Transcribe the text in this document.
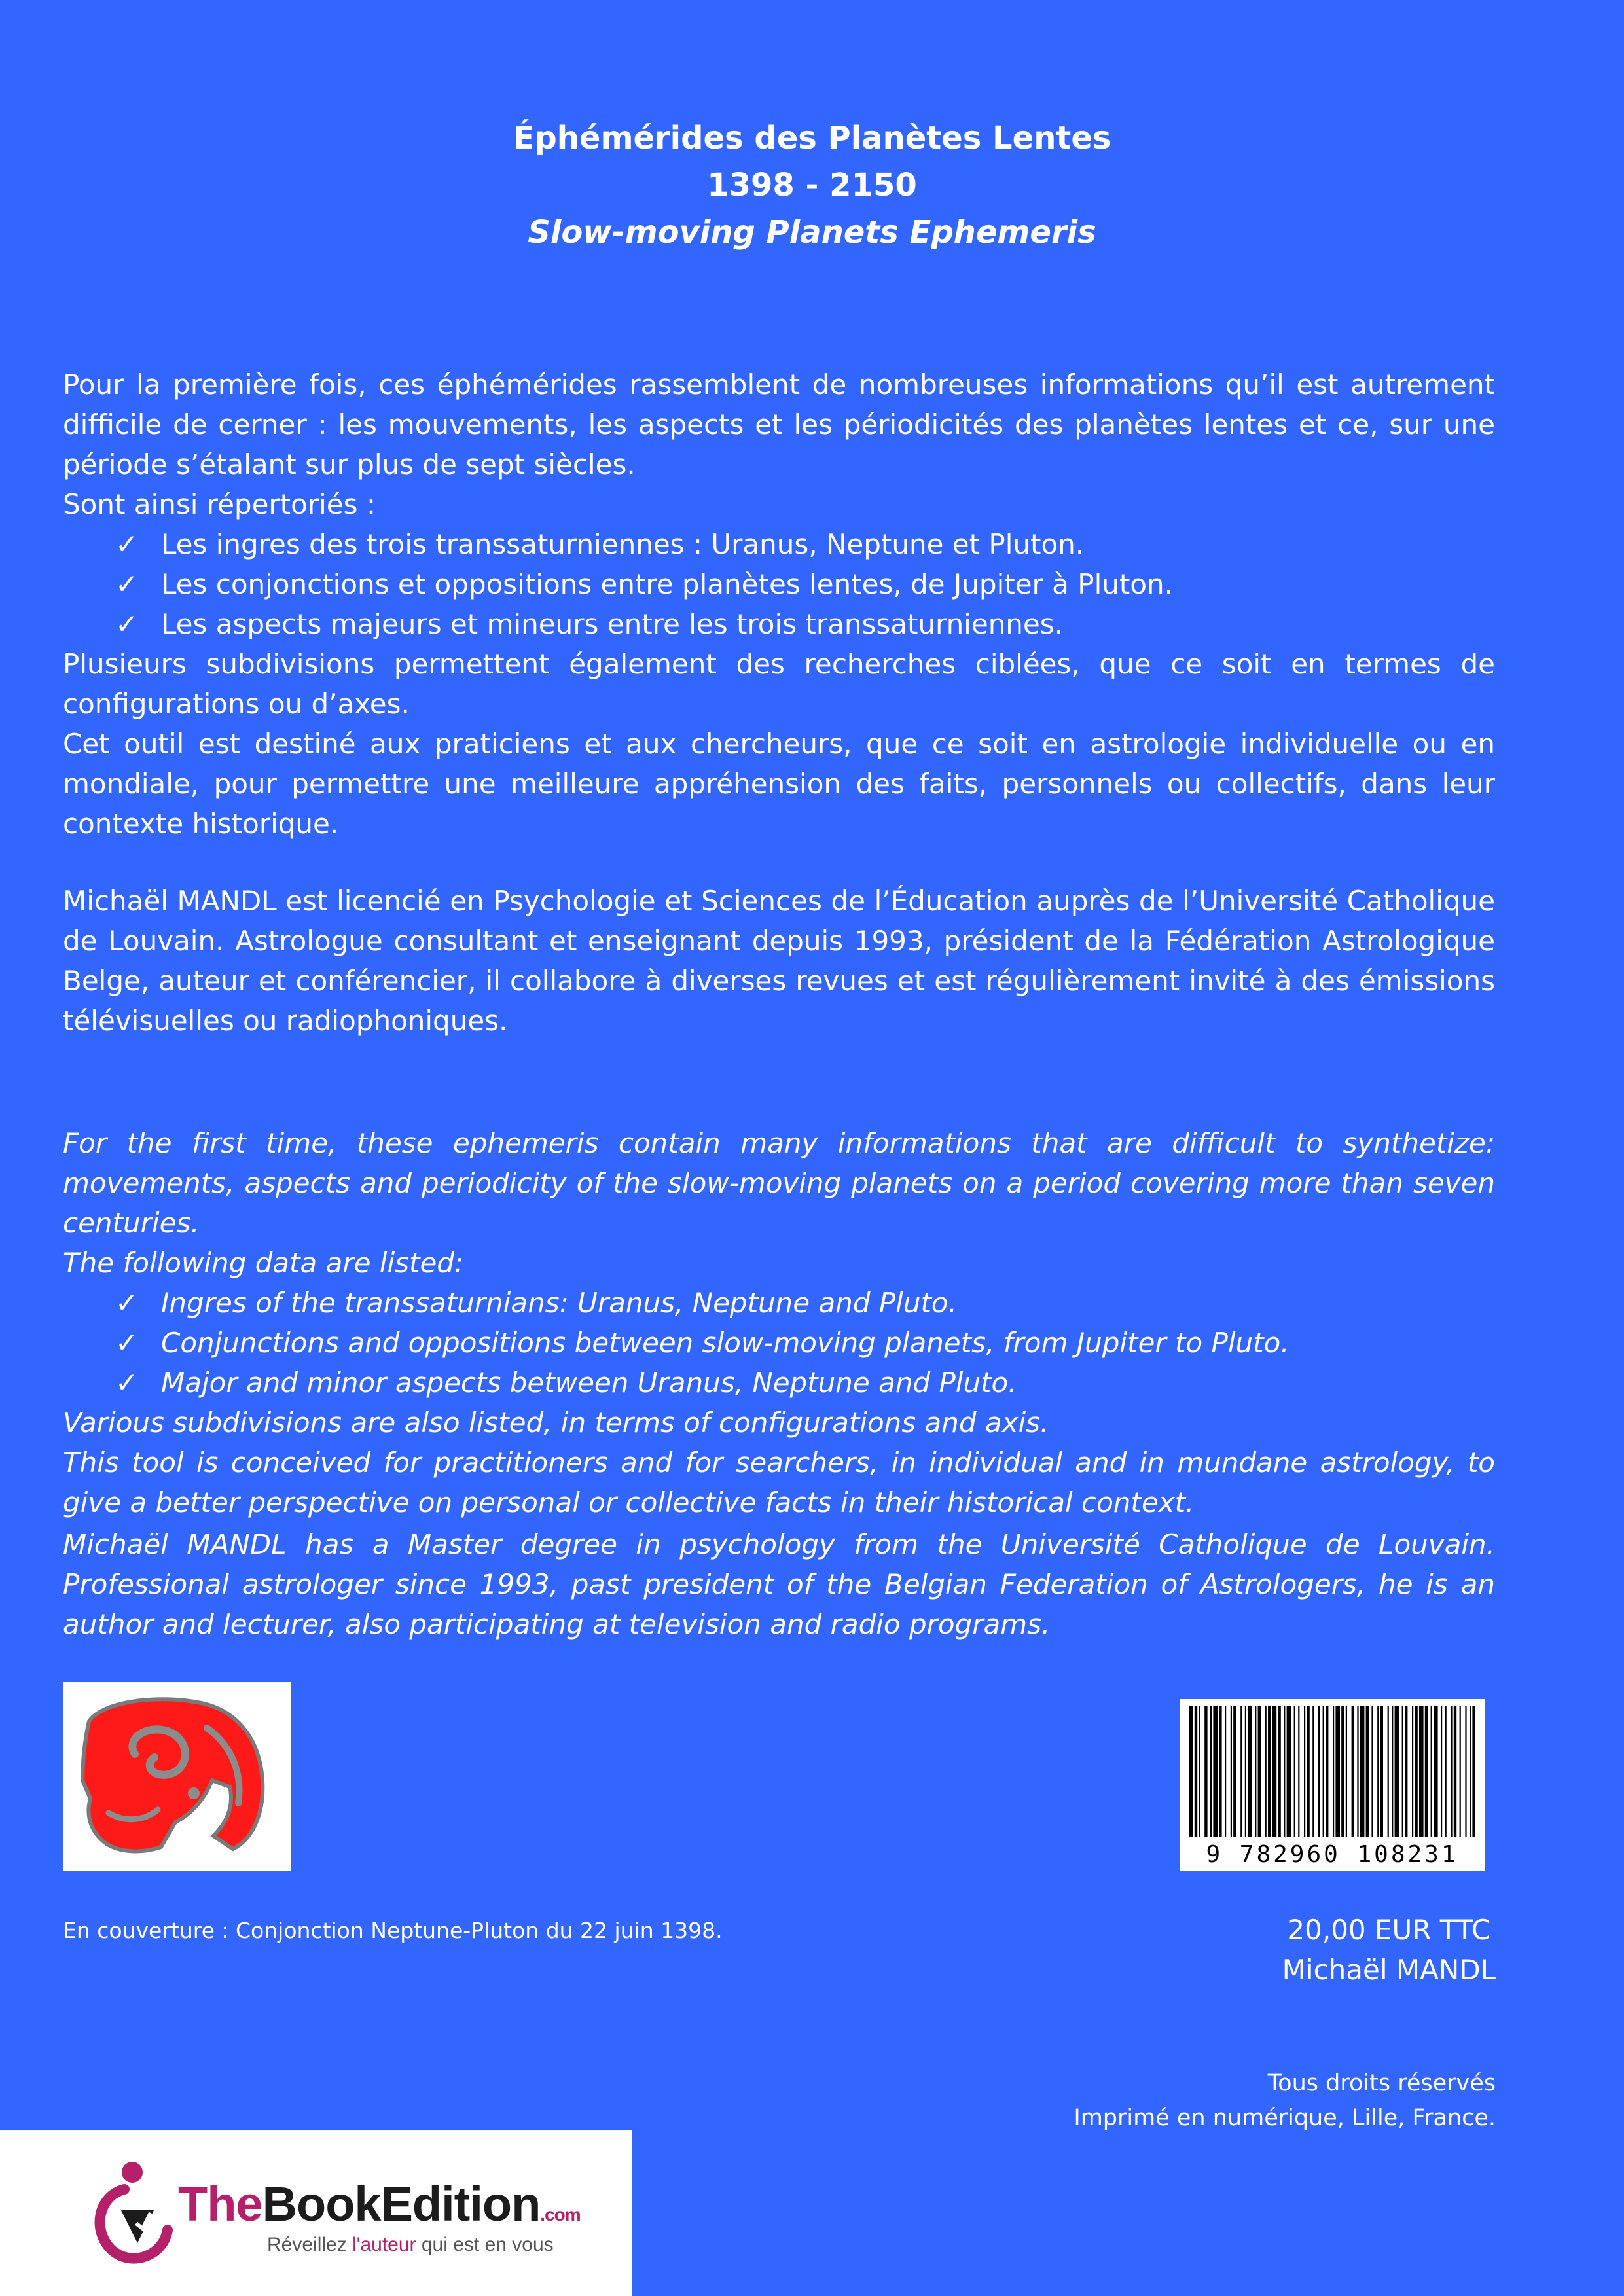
Éphémérides des Planètes Lentes
1398 - 2150
Slow-moving Planets Ephemeris

Pour la première fois, ces éphémérides rassemblent de nombreuses informations qu’il est autrement difficile de cerner : les mouvements, les aspects et les périodicités des planètes lentes et ce, sur une période s’étalant sur plus de sept siècles.

Sont ainsi répertoriés :

✓ Les ingres des trois transsaturniennes : Uranus, Neptune et Pluton.
✓ Les conjonctions et oppositions entre planètes lentes, de Jupiter à Pluton.
✓ Les aspects majeurs et mineurs entre les trois transsaturniennes.

Plusieurs subdivisions permettent également des recherches ciblées, que ce soit en termes de configurations ou d’axes.

Cet outil est destiné aux praticiens et aux chercheurs, que ce soit en astrologie individuelle ou en mondiale, pour permettre une meilleure appréhension des faits, personnels ou collectifs, dans leur contexte historique.

Michaël MANDL est licencié en Psychologie et Sciences de l’Éducation auprès de l’Université Catholique de Louvain. Astrologue consultant et enseignant depuis 1993, président de la Fédération Astrologique Belge, auteur et conférencier, il collabore à diverses revues et est régulièrement invité à des émissions télévisuelles ou radiophoniques.

For the first time, these ephemeris contain many informations that are difficult to synthetize: movements, aspects and periodicity of the slow-moving planets on a period covering more than seven centuries.

The following data are listed:

✓ Ingres of the transsaturnians: Uranus, Neptune and Pluto.
✓ Conjunctions and oppositions between slow-moving planets, from Jupiter to Pluto.
✓ Major and minor aspects between Uranus, Neptune and Pluto.

Various subdivisions are also listed, in terms of configurations and axis.

This tool is conceived for practitioners and for searchers, in individual and in mundane astrology, to give a better perspective on personal or collective facts in their historical context.

Michaël MANDL has a Master degree in psychology from the Université Catholique de Louvain. Professional astrologer since 1993, past president of the Belgian Federation of Astrologers, he is an author and lecturer, also participating at television and radio programs.

9 782960 108231
En couverture : Conjonction Neptune-Pluton du 22 juin 1398.	20,00 EUR TTC
Michaël MANDL
Tous droits réservés
Imprimé en numérique, Lille, France.
TheBookEdition.com
Réveillez l'auteur qui est en vous
